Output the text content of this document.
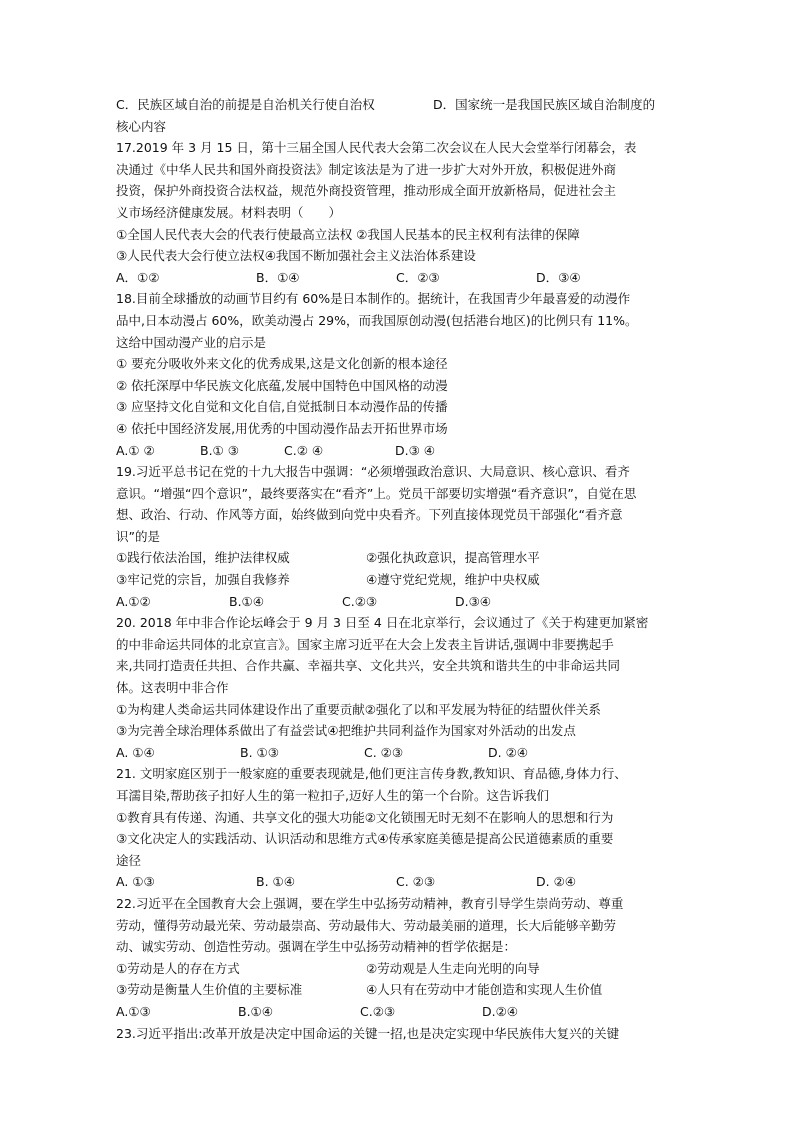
C．民族区域自治的前提是自治机关行使自治权	D．国家统一是我国民族区域自治制度的
核心内容
17.2019 年 3 月 15 日，第十三届全国人民代表大会第二次会议在人民大会堂举行闭幕会，表
决通过《中华人民共和国外商投资法》制定该法是为了进一步扩大对外开放，积极促进外商
投资，保护外商投资合法权益，规范外商投资管理，推动形成全面开放新格局，促进社会主
义市场经济健康发展。材料表明（　　）
①全国人民代表大会的代表行使最高立法权 ②我国人民基本的民主权利有法律的保障
③人民代表大会行使立法权④我国不断加强社会主义法治体系建设
A．①②	B．①④	C．②③	D．③④
18.目前全球播放的动画节目约有 60%是日本制作的。据统计，在我国青少年最喜爱的动漫作
品中,日本动漫占 60%，欧美动漫占 29%，而我国原创动漫(包括港台地区)的比例只有 11%。
这给中国动漫产业的启示是
① 要充分吸收外来文化的优秀成果,这是文化创新的根本途径
② 依托深厚中华民族文化底蕴,发展中国特色中国风格的动漫
③ 应坚持文化自觉和文化自信,自觉抵制日本动漫作品的传播
④ 依托中国经济发展,用优秀的中国动漫作品去开拓世界市场
A.① ②	B.① ③	C.② ④	D.③ ④
19.习近平总书记在党的十九大报告中强调：“必须增强政治意识、大局意识、核心意识、看齐
意识。“增强“四个意识”，最终要落实在“看齐”上。党员干部要切实增强“看齐意识”，自觉在思
想、政治、行动、作风等方面，始终做到向党中央看齐。下列直接体现党员干部强化“看齐意
识”的是
①践行依法治国，维护法律权威	②强化执政意识，提高管理水平
③牢记党的宗旨，加强自我修养	④遵守党纪党规，维护中央权威
A.①②	B.①④	C.②③	D.③④
20. 2018 年中非合作论坛峰会于 9 月 3 日至 4 日在北京举行，会议通过了《关于构建更加紧密
的中非命运共同体的北京宣言》。国家主席习近平在大会上发表主旨讲话,强调中非要携起手
来,共同打造责任共担、合作共赢、幸福共享、文化共兴，安全共筑和谐共生的中非命运共同
体。这表明中非合作
①为构建人类命运共同体建设作出了重要贡献②强化了以和平发展为特征的结盟伙伴关系
③为完善全球治理体系做出了有益尝试④把维护共同利益作为国家对外活动的出发点
A. ①④	B. ①③	C. ②③	D. ②④
21. 文明家庭区别于一般家庭的重要表现就是,他们更注言传身教,教知识、育品德,身体力行、
耳濡目染,帮助孩子扣好人生的第一粒扣子,迈好人生的第一个台阶。这告诉我们
①教育具有传递、沟通、共享文化的强大功能②文化锁围无时无刻不在影响人的思想和行为
③文化决定人的实践活动、认识活动和思维方式④传承家庭美德是提高公民道德素质的重要
途径
A. ①③	B. ①④	C. ②③	D. ②④
22.习近平在全国教育大会上强调，要在学生中弘扬劳动精神，教育引导学生崇尚劳动、尊重
劳动，懂得劳动最光荣、劳动最崇高、劳动最伟大、劳动最美丽的道理，长大后能够辛勤劳
动、诚实劳动、创造性劳动。强调在学生中弘扬劳动精神的哲学依据是：
①劳动是人的存在方式	②劳动观是人生走向光明的向导
③劳动是衡量人生价值的主要标准	④人只有在劳动中才能创造和实现人生价值
A.①③	B.①④	C.②③	D.②④
23.习近平指出:改革开放是决定中国命运的关键一招,也是决定实现中华民族伟大复兴的关键
